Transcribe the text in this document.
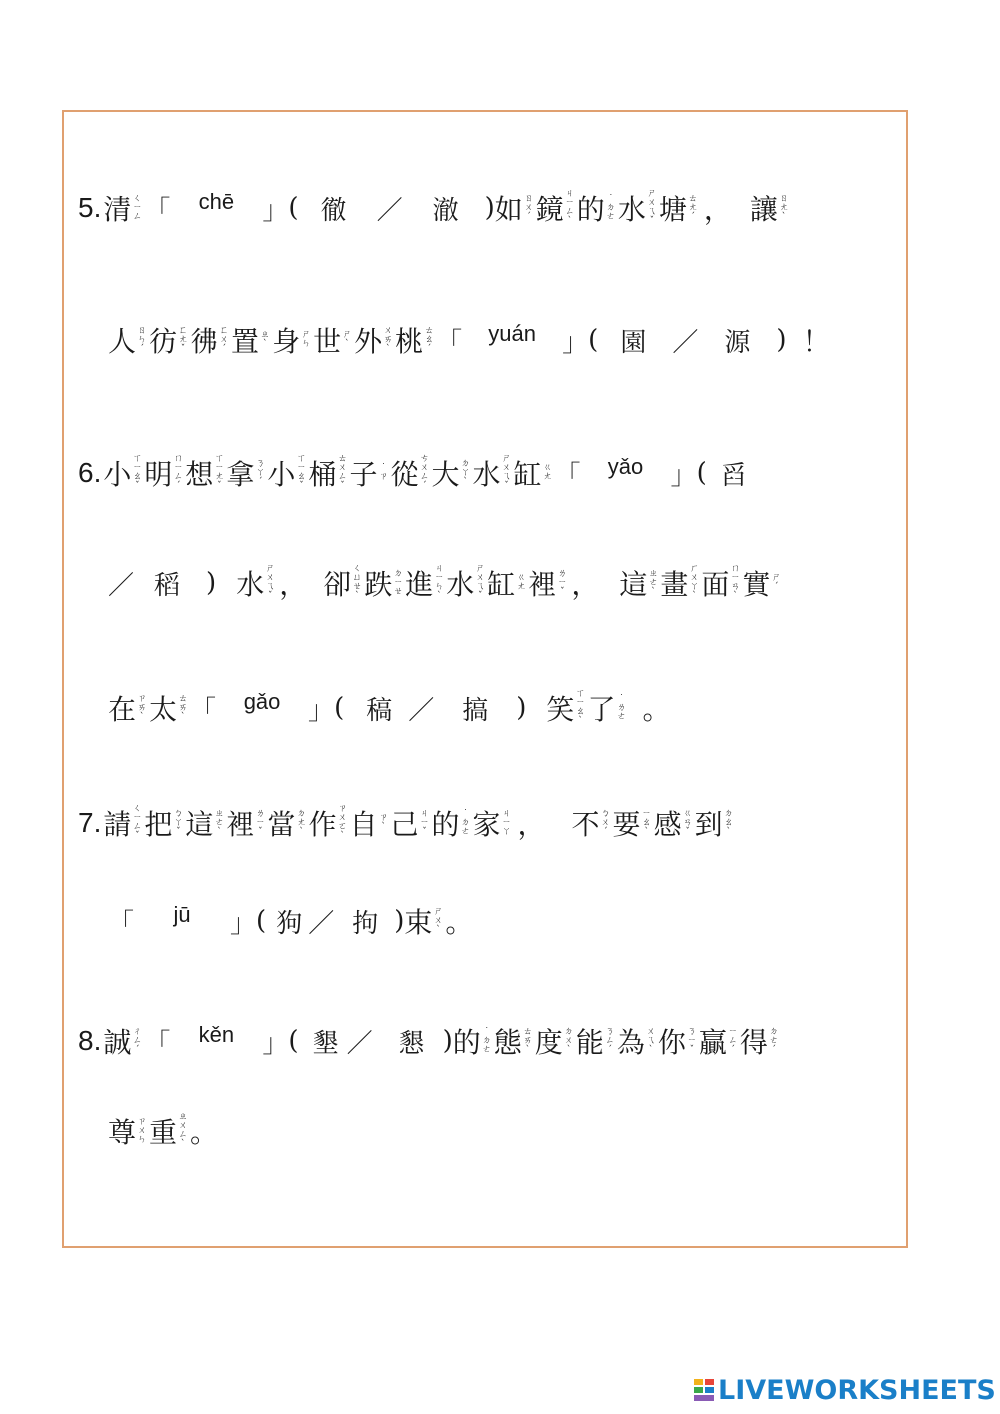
5. 清 ㄑ
ㄧ
ㄥ 「	chē	」 ( 徹 ／ 澈 ) 如 ㄖ
ㄨ
ˊ 鏡 ㄐ
ㄧ
ㄥ
ˋ 的 ˙
ㄉ
ㄜ 水 ㄕ
ㄨ
ㄟ
ˇ 塘 ㄊ
ㄤ
ˊ ， 讓 ㄖ
ㄤ
ˋ
人 ㄖ
ㄣ
ˊ 彷 ㄈ
ㄤ
ˇ 彿 ㄈ
ㄨ
ˊ 置 ㄓ
ˋ 身 ㄕ
ㄣ 世 ㄕ
ˋ 外 ㄨ
ㄞ
ˋ 桃 ㄊ
ㄠ
ˊ 「	yuán	」 ( 園 ／ 源 ) ！
6. 小 ㄒ
ㄧ
ㄠ
ˇ 明 ㄇ
ㄧ
ㄥ
ˊ 想 ㄒ
ㄧ
ㄤ
ˇ 拿 ㄋ
ㄚ
ˊ 小 ㄒ
ㄧ
ㄠ
ˇ 桶 ㄊ
ㄨ
ㄥ
ˇ 子 ˙
ㄗ 從 ㄘ
ㄨ
ㄥ
ˊ 大 ㄉ
ㄚ
ˋ 水 ㄕ
ㄨ
ㄟ
ˇ 缸 ㄍ
ㄤ 「	yǎo	」 ( 舀
／ 稻 ) 水 ㄕ
ㄨ
ㄟ
ˇ ， 卻 ㄑ
ㄩ
ㄝ
ˋ 跌 ㄉ
ㄧ
ㄝ 進 ㄐ
ㄧ
ㄣ
ˋ 水 ㄕ
ㄨ
ㄟ
ˇ 缸 ㄍ
ㄤ 裡 ㄌ
ㄧ
ˇ ， 這 ㄓ
ㄜ
ˋ 畫 ㄏ
ㄨ
ㄚ
ˋ 面 ㄇ
ㄧ
ㄢ
ˋ 實 ㄕ
ˊ
在 ㄗ
ㄞ
ˋ 太 ㄊ
ㄞ
ˋ 「	gǎo	」 ( 稿 ／ 搞 ) 笑 ㄒ
ㄧ
ㄠ
ˋ 了 ˙
ㄌ
ㄜ 。
7. 請 ㄑ
ㄧ
ㄥ
ˇ 把 ㄅ
ㄚ
ˇ 這 ㄓ
ㄜ
ˋ 裡 ㄌ
ㄧ
ˇ 當 ㄉ
ㄤ
ˋ 作 ㄗ
ㄨ
ㄛ
ˋ 自 ㄗ
ˋ 己 ㄐ
ㄧ
ˇ 的 ˙
ㄉ
ㄜ 家 ㄐ
ㄧ
ㄚ ， 不 ㄅ
ㄨ
ˊ 要 ㄧ
ㄠ
ˋ 感 ㄍ
ㄢ
ˇ 到 ㄉ
ㄠ
ˋ
「	jū	」 ( 狗 ／ 拘 ) 束 ㄕ
ㄨ
ˋ 。
8. 誠 ㄔ
ㄥ
ˊ 「	kěn	」 ( 墾 ／ 懇 ) 的 ˙
ㄉ
ㄜ 態 ㄊ
ㄞ
ˋ 度 ㄉ
ㄨ
ˋ 能 ㄋ
ㄥ
ˊ 為 ㄨ
ㄟ
ˋ 你 ㄋ
ㄧ
ˇ 贏 ㄧ
ㄥ
ˊ 得 ㄉ
ㄜ
ˊ
尊 ㄗ
ㄨ
ㄣ 重 ㄓ
ㄨ
ㄥ
ˋ 。
LIVEWORKSHEETS
